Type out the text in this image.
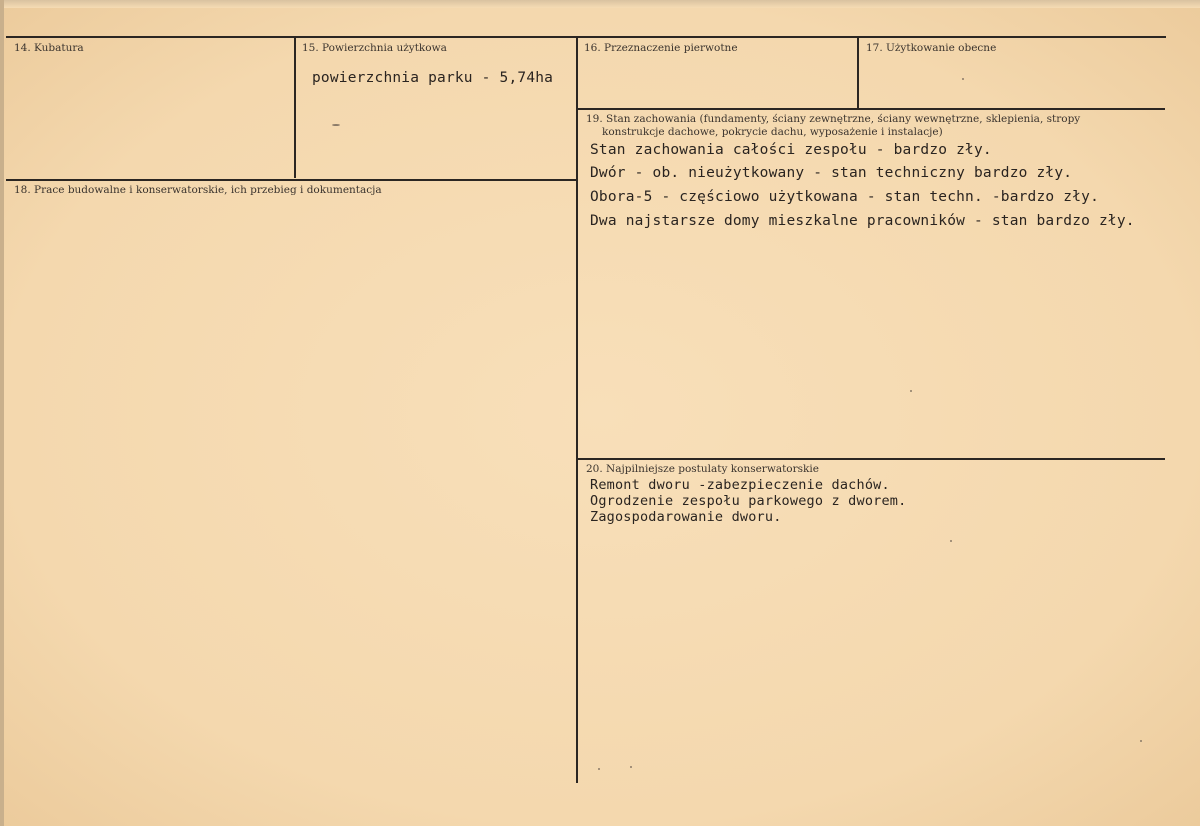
14. Kubatura	15. Powierzchnia użytkowa
powierzchnia parku - 5,74ha
16. Przeznaczenie pierwotne	17. Użytkowanie obecne
18. Prace budowalne i konserwatorskie, ich przebieg i dokumentacja
19. Stan zachowania (fundamenty, ściany zewnętrzne, ściany wewnętrzne, sklepienia, stropy
konstrukcje dachowe, pokrycie dachu, wyposażenie i instalacje)
Stan zachowania całości zespołu - bardzo zły.
Dwór - ob. nieużytkowany - stan techniczny bardzo zły.
Obora-5 - częściowo użytkowana - stan techn. -bardzo zły.
Dwa najstarsze domy mieszkalne pracowników - stan bardzo zły.
20. Najpilniejsze postulaty konserwatorskie
Remont dworu -zabezpieczenie dachów.
Ogrodzenie zespołu parkowego z dworem.
Zagospodarowanie dworu.
